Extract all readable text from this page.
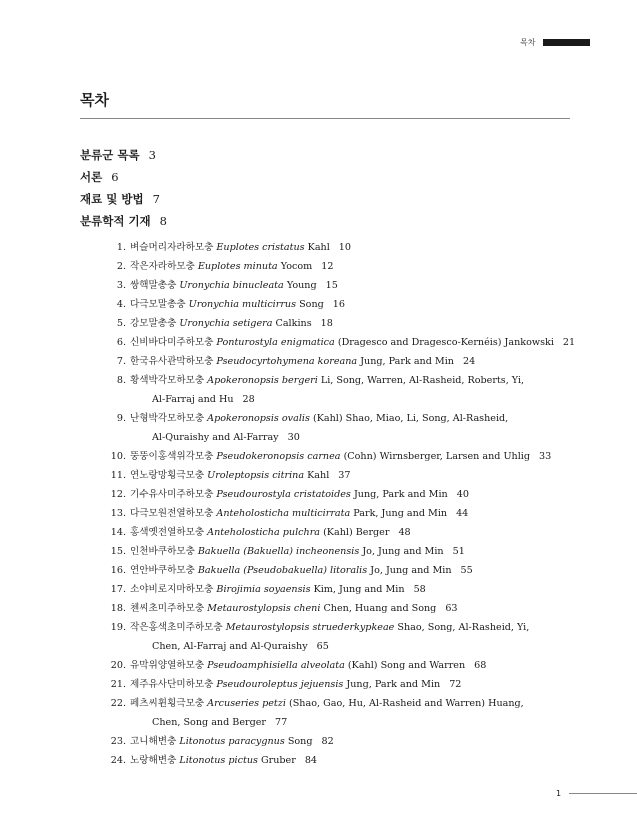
목차
목차
분류군 목록 3
서론 6
재료 및 방법 7
분류학적 기재 8
1. 벼슬머리자라하모충 Euplotes cristatus Kahl 10
2. 작은자라하모충 Euplotes minuta Yocom 12
3. 쌍핵말총충 Uronychia binucleata Young 15
4. 다극모말총충 Uronychia multicirrus Song 16
5. 강모말총충 Uronychia setigera Calkins 18
6. 신비바다미주하모충 Ponturostyla enigmatica (Dragesco and Dragesco-Kernéis) Jankowski 21
7. 한국유사관막하모충 Pseudocyrtohymena koreana Jung, Park and Min 24
8. 황색박각모하모충 Apokeronopsis bergeri Li, Song, Warren, Al-Rasheid, Roberts, Yi,
Al-Farraj and Hu 28
9. 난형박각모하모충 Apokeronopsis ovalis (Kahl) Shao, Miao, Li, Song, Al-Rasheid,
Al-Quraishy and Al-Farray 30
10. 뚱뚱이홍색위각모충 Pseudokeronopsis carnea (Cohn) Wirnsberger, Larsen and Uhlig 33
11. 연노랑망횡극모충 Uroleptopsis citrina Kahl 37
12. 기수유사미주하모충 Pseudourostyla cristatoides Jung, Park and Min 40
13. 다극모원전열하모충 Anteholosticha multicirrata Park, Jung and Min 44
14. 홍색옛전열하모충 Anteholosticha pulchra (Kahl) Berger 48
15. 인천바쿠하모충 Bakuella (Bakuella) incheonensis Jo, Jung and Min 51
16. 연안바쿠하모충 Bakuella (Pseudobakuella) litoralis Jo, Jung and Min 55
17. 소야비로지마하모충 Birojimia soyaensis Kim, Jung and Min 58
18. 첸씨초미주하모충 Metaurostylopsis cheni Chen, Huang and Song 63
19. 작은홍색초미주하모충 Metaurostylopsis struederkypkeae Shao, Song, Al-Rasheid, Yi,
Chen, Al-Farraj and Al-Quraishy 65
20. 유막위양열하모충 Pseudoamphisiella alveolata (Kahl) Song and Warren 68
21. 제주유사단미하모충 Pseudouroleptus jejuensis Jung, Park and Min 72
22. 페츠씨휜횡극모충 Arcuseries petzi (Shao, Gao, Hu, Al-Rasheid and Warren) Huang,
Chen, Song and Berger 77
23. 고니해변충 Litonotus paracygnus Song 82
24. 노랑해변충 Litonotus pictus Gruber 84
1
